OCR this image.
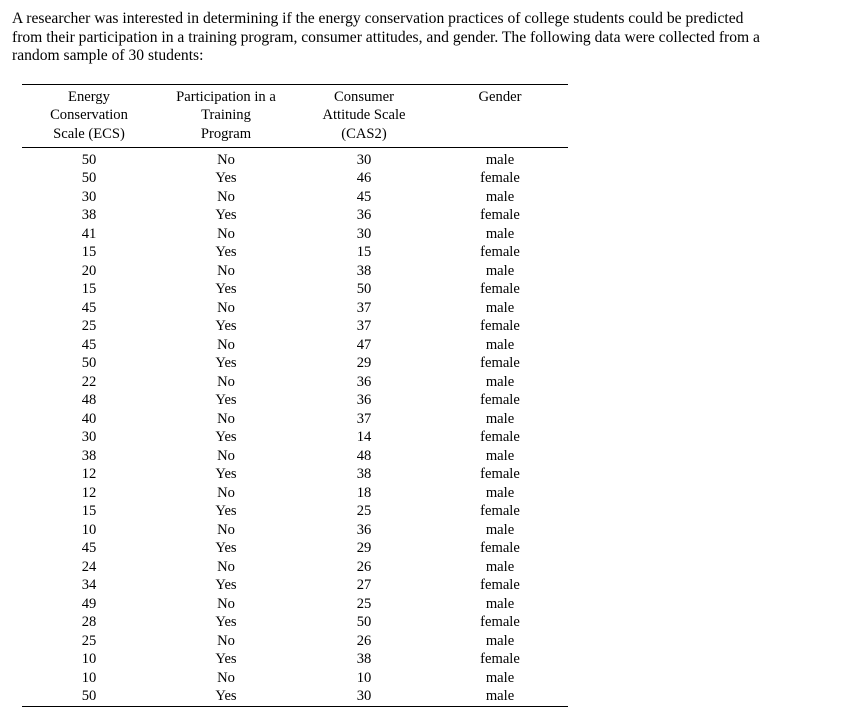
A researcher was interested in determining if the energy conservation practices of college students could be predicted
from their participation in a training program, consumer attitudes, and gender. The following data were collected from a
random sample of 30 students:

Energy
Conservation
Scale (ECS)	Participation in a
Training
Program	Consumer
Attitude Scale
(CAS2)	Gender

50	No	30	male
50	Yes	46	female
30	No	45	male
38	Yes	36	female
41	No	30	male
15	Yes	15	female
20	No	38	male
15	Yes	50	female
45	No	37	male
25	Yes	37	female
45	No	47	male
50	Yes	29	female
22	No	36	male
48	Yes	36	female
40	No	37	male
30	Yes	14	female
38	No	48	male
12	Yes	38	female
12	No	18	male
15	Yes	25	female
10	No	36	male
45	Yes	29	female
24	No	26	male
34	Yes	27	female
49	No	25	male
28	Yes	50	female
25	No	26	male
10	Yes	38	female
10	No	10	male
50	Yes	30	male
